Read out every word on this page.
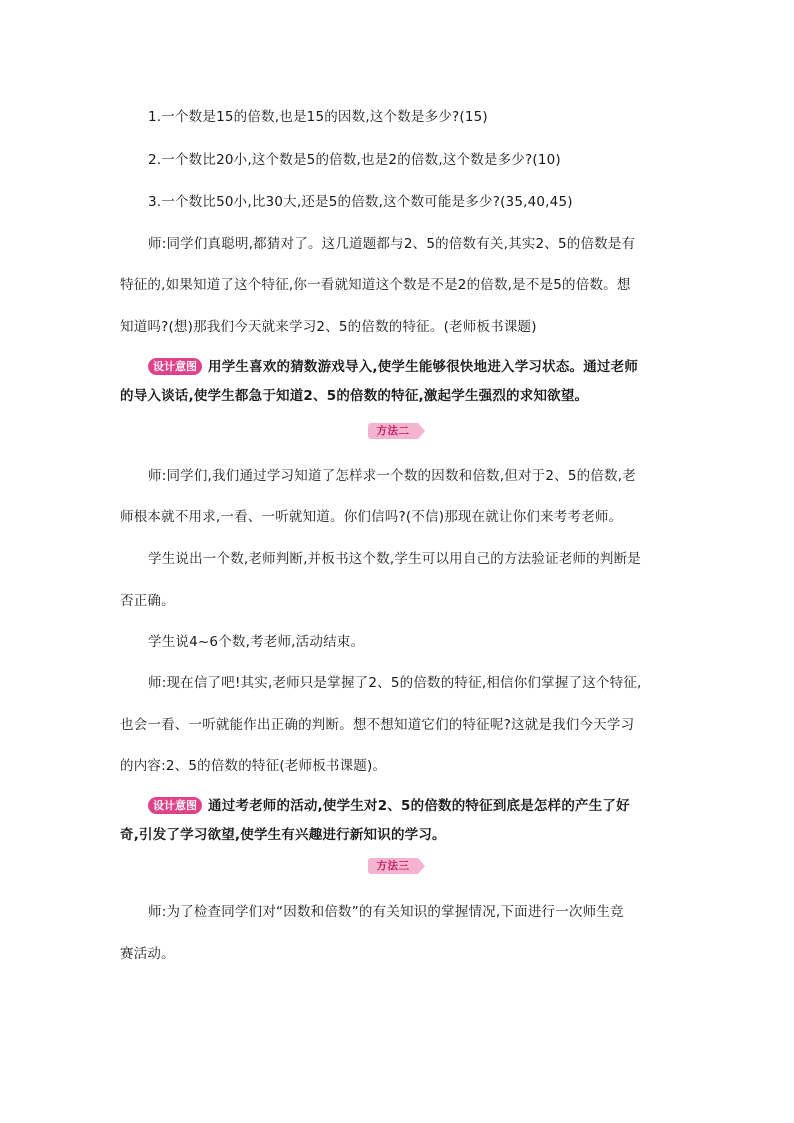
1.一个数是15的倍数,也是15的因数,这个数是多少?(15)
2.一个数比20小,这个数是5的倍数,也是2的倍数,这个数是多少?(10)
3.一个数比50小,比30大,还是5的倍数,这个数可能是多少?(35,40,45)
师:同学们真聪明,都猜对了。这几道题都与2、5的倍数有关,其实2、5的倍数是有
特征的,如果知道了这个特征,你一看就知道这个数是不是2的倍数,是不是5的倍数。想
知道吗?(想)那我们今天就来学习2、5的倍数的特征。(老师板书课题)
设计意图 用学生喜欢的猜数游戏导入,使学生能够很快地进入学习状态。通过老师
的导入谈话,使学生都急于知道2、5的倍数的特征,激起学生强烈的求知欲望。
方法二
师:同学们,我们通过学习知道了怎样求一个数的因数和倍数,但对于2、5的倍数,老
师根本就不用求,一看、一听就知道。你们信吗?(不信)那现在就让你们来考考老师。
学生说出一个数,老师判断,并板书这个数,学生可以用自己的方法验证老师的判断是
否正确。
学生说4~6个数,考老师,活动结束。
师:现在信了吧!其实,老师只是掌握了2、5的倍数的特征,相信你们掌握了这个特征,
也会一看、一听就能作出正确的判断。想不想知道它们的特征呢?这就是我们今天学习
的内容:2、5的倍数的特征(老师板书课题)。
设计意图 通过考老师的活动,使学生对2、5的倍数的特征到底是怎样的产生了好
奇,引发了学习欲望,使学生有兴趣进行新知识的学习。
方法三
师:为了检查同学们对“因数和倍数”的有关知识的掌握情况,下面进行一次师生竞
赛活动。
